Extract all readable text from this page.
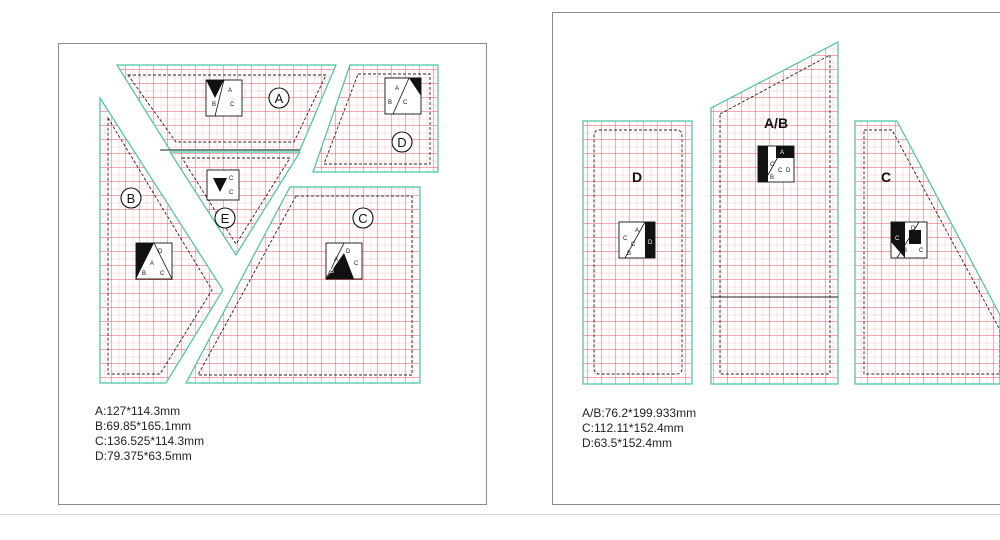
A
B
C
D
E
A
B C
A
B C
C
C
D
A
B C
D
A
B
C
D
A/B
C
A
C
C
B
D
A
C
C D
B
D
C
B C
A:127*114.3mm
B:69.85*165.1mm
C:136.525*114.3mm
D:79.375*63.5mm
A/B:76.2*199.933mm
C:112.11*152.4mm
D:63.5*152.4mm
